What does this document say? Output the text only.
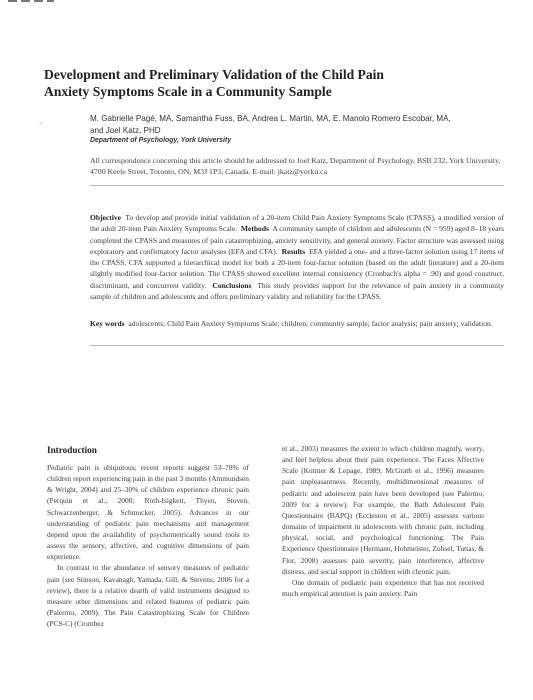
Development and Preliminary Validation of the Child Pain
Anxiety Symptoms Scale in a Community Sample
...	M. Gabrielle Pagé, MA, Samantha Fuss, BA, Andrea L. Martin, MA, E. Manolo Romero Escobar, MA,
and Joel Katz, PHD
Department of Psychology, York University
All correspondence concerning this article should be addressed to Joel Katz, Department of Psychology, BSB 232, York University, 4700 Keele Street, Toronto, ON, M3J 1P3, Canada. E-mail: jkatz@yorku.ca
Objective To develop and provide initial validation of a 20-item Child Pain Anxiety Symptoms Scale (CPASS), a modified version of the adult 20-item Pain Anxiety Symptoms Scale. Methods A community sample of children and adolescents (N = 959) aged 8–18 years completed the CPASS and measures of pain catastrophizing, anxiety sensitivity, and general anxiety. Factor structure was assessed using exploratory and confirmatory factor analyses (EFA and CFA). Results EFA yielded a one- and a three-factor solution using 17 items of the CPASS. CFA supported a hierarchical model for both a 20-item four-factor solution (based on the adult literature) and a 20-item slightly modified four-factor solution. The CPASS showed excellent internal consistency (Cronbach's alpha = .90) and good construct, discriminant, and concurrent validity. Conclusions This study provides support for the relevance of pain anxiety in a community sample of children and adolescents and offers preliminary validity and reliability for the CPASS.
Key words adolescents; Child Pain Anxiety Symptoms Scale; children; community sample; factor analysis; pain anxiety; validation.
Introduction

Pediatric pain is ubiquitous; recent reports suggest 53–78% of children report experiencing pain in the past 3 months (Ammundsen & Wright, 2004) and 25–30% of children experience chronic pain (Perquin et al., 2000; Roth-Isigkeit, Thyen, Stoven, Schwarzenberger, & Schmucker, 2005). Advances in our understanding of pediatric pain mechanisms and management depend upon the availability of psychometrically sound tools to assess the sensory, affective, and cognitive dimensions of pain experience.

In contrast to the abundance of sensory measures of pediatric pain (see Stinson, Kavanagh, Yamada, Gill, & Stevens, 2006 for a review), there is a relative dearth of valid instruments designed to measure other dimensions and related features of pediatric pain (Palermo, 2009). The Pain Catastrophizing Scale for Children (PCS-C) (Crombez

et al., 2003) measures the extent to which children magnify, worry, and feel helpless about their pain experience. The Faces Affective Scale (Kuttner & Lepage, 1989; McGrath et al., 1996) measures pain unpleasantness. Recently, multidimensional measures of pediatric and adolescent pain have been developed (see Palermo, 2009 for a review). For example, the Bath Adolescent Pain Questionnaire (BAPQ) (Eccleston et al., 2005) assesses various domains of impairment in adolescents with chronic pain, including physical, social, and psychological functioning. The Pain Experience Questionnaire (Hermann, Hohmeister, Zohsel, Tuttas, & Flor, 2008) assesses pain severity, pain interference, affective distress, and social support in children with chronic pain.

One domain of pediatric pain experience that has not received much empirical attention is pain anxiety. Pain
